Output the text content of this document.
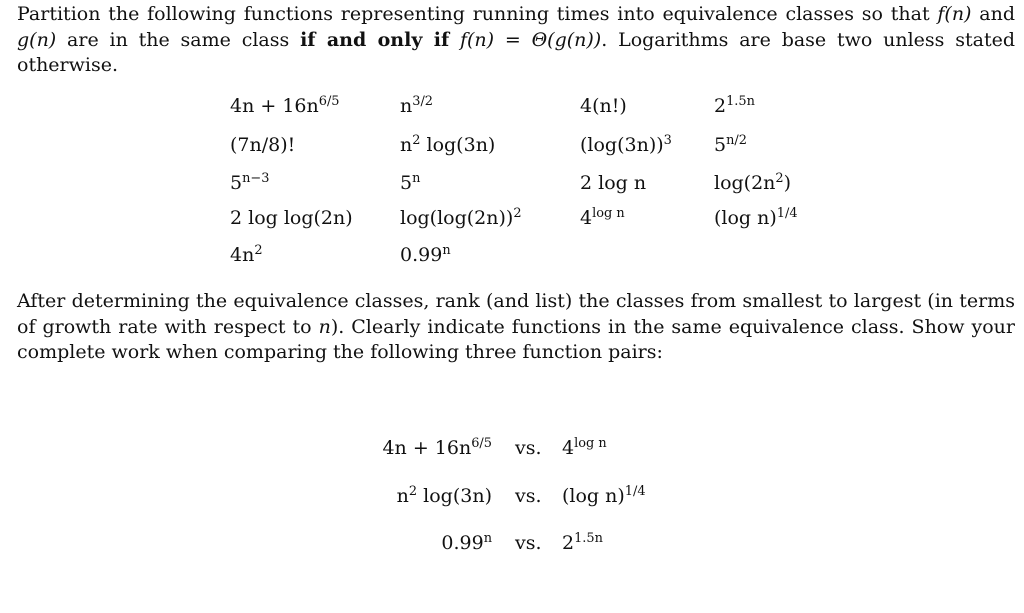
Partition the following functions representing running times into equivalence classes so that f(n) and g(n) are in the same class if and only if f(n) = Θ(g(n)). Logarithms are base two unless stated otherwise.

$4n + 16n^{6/5}$
(7n/8)!
$5^{n-3}$
2 log log(2n)
$4n^2$
$n^{3/2}$
$n^2$ log(3n)
5$^n$
$\log(\log(2n))^2$
0.99$^n$
4(n!)
$(\log(3n))^3$
2 log n
$4^{log n}$
$2^{1.5n}$
$5^{n/2}$
$\log(2n^2)$
(log n)$^{1/4}$

After determining the equivalence classes, rank (and list) the classes from smallest to largest (in terms of growth rate with respect to n). Clearly indicate functions in the same equivalence class. Show your complete work when comparing the following three function pairs:

$4n + 16n^{6/5}$ vs. $4^{log n}$
$n^2$ log(3n) vs. (log n)$^{1/4}$
0.99$^n$ vs. $2^{1.5n}$
